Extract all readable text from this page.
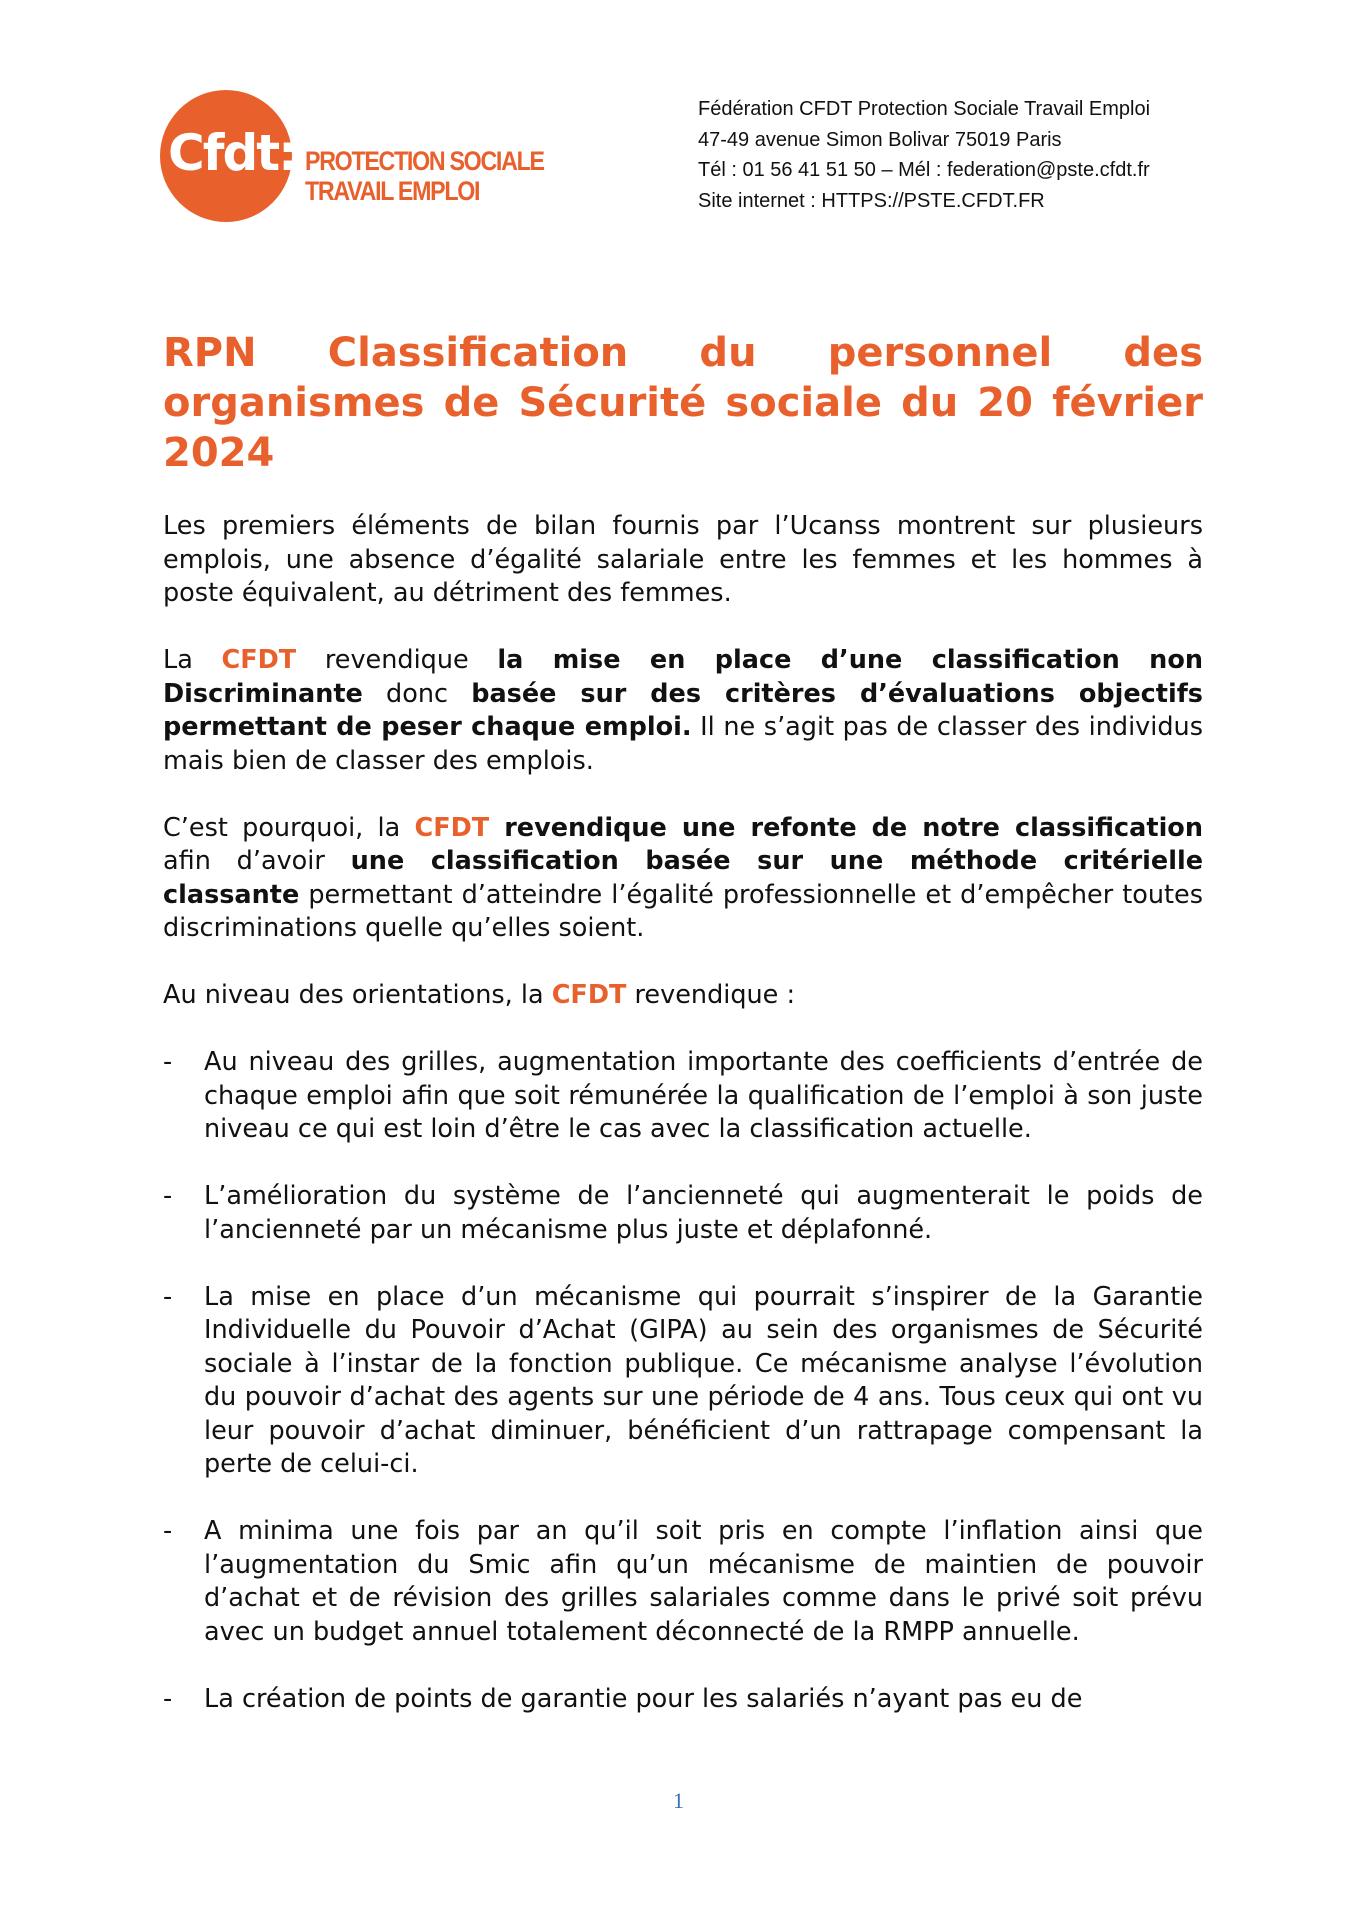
Cfdt: PROTECTION SOCIALE
TRAVAIL EMPLOI
Fédération CFDT Protection Sociale Travail Emploi
47-49 avenue Simon Bolivar 75019 Paris
Tél : 01 56 41 51 50 – Mél : federation@pste.cfdt.fr
Site internet : HTTPS://PSTE.CFDT.FR
RPN Classification du personnel des organismes de Sécurité sociale du 20 février 2024

Les premiers éléments de bilan fournis par l’Ucanss montrent sur plusieurs emplois, une absence d’égalité salariale entre les femmes et les hommes à poste équivalent, au détriment des femmes.

La CFDT revendique la mise en place d’une classification non Discriminante donc basée sur des critères d’évaluations objectifs permettant de peser chaque emploi. Il ne s’agit pas de classer des individus mais bien de classer des emplois.

C’est pourquoi, la CFDT revendique une refonte de notre classification afin d’avoir une classification basée sur une méthode critérielle classante permettant d’atteindre l’égalité professionnelle et d’empêcher toutes discriminations quelle qu’elles soient.

Au niveau des orientations, la CFDT revendique :

- Au niveau des grilles, augmentation importante des coefficients d’entrée de chaque emploi afin que soit rémunérée la qualification de l’emploi à son juste niveau ce qui est loin d’être le cas avec la classification actuelle.
- L’amélioration du système de l’ancienneté qui augmenterait le poids de l’ancienneté par un mécanisme plus juste et déplafonné.
- La mise en place d’un mécanisme qui pourrait s’inspirer de la Garantie Individuelle du Pouvoir d’Achat (GIPA) au sein des organismes de Sécurité sociale à l’instar de la fonction publique. Ce mécanisme analyse l’évolution du pouvoir d’achat des agents sur une période de 4 ans. Tous ceux qui ont vu leur pouvoir d’achat diminuer, bénéficient d’un rattrapage compensant la perte de celui-ci.
- A minima une fois par an qu’il soit pris en compte l’inflation ainsi que l’augmentation du Smic afin qu’un mécanisme de maintien de pouvoir d’achat et de révision des grilles salariales comme dans le privé soit prévu avec un budget annuel totalement déconnecté de la RMPP annuelle.
- La création de points de garantie pour les salariés n’ayant pas eu de
1
